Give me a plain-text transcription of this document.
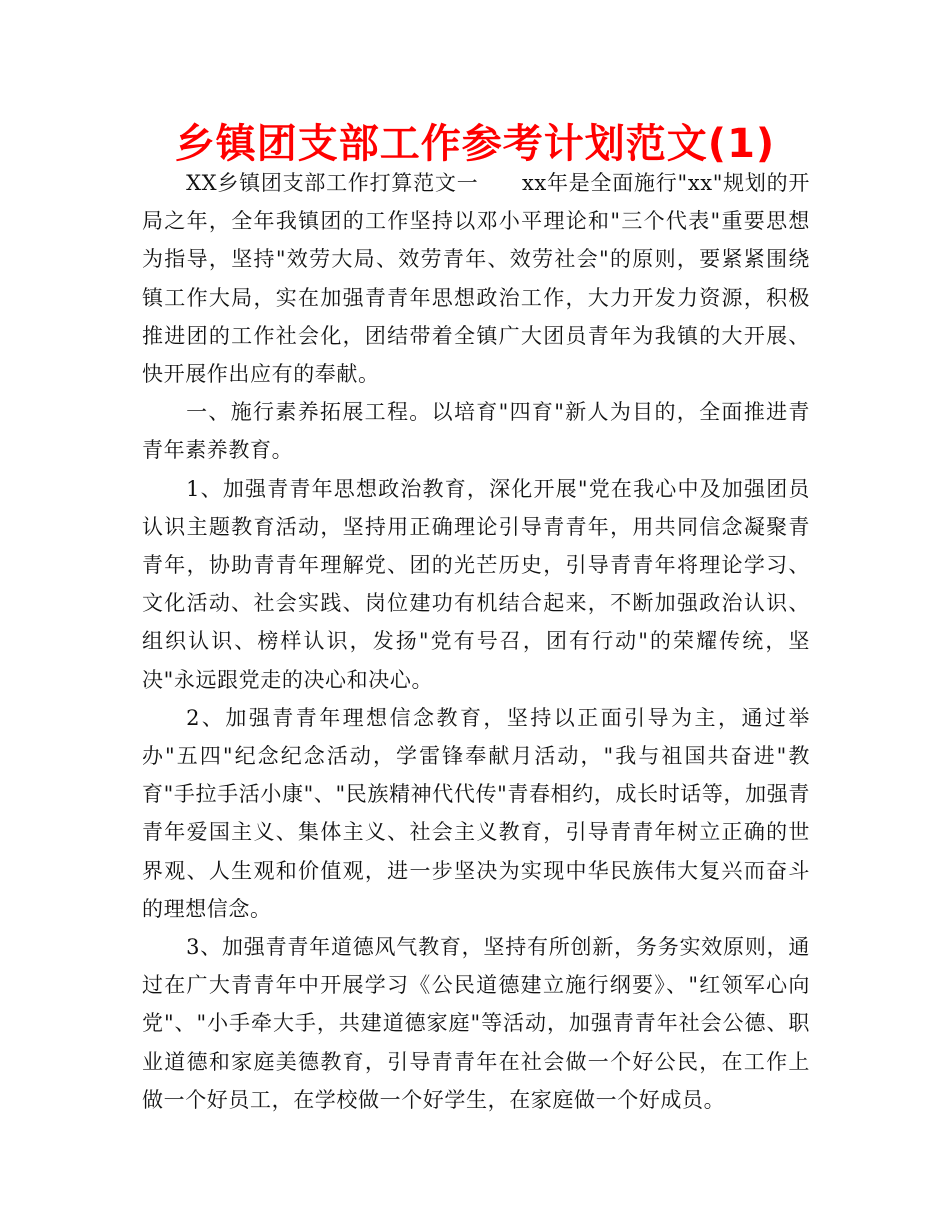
乡镇团支部工作参考计划范文(1)

XX乡镇团支部工作打算范文一　　xx年是全面施行"xx"规划的开局之年，全年我镇团的工作坚持以邓小平理论和"三个代表"重要思想为指导，坚持"效劳大局、效劳青年、效劳社会"的原则，要紧紧围绕镇工作大局，实在加强青青年思想政治工作，大力开发力资源，积极推进团的工作社会化，团结带着全镇广大团员青年为我镇的大开展、快开展作出应有的奉献。

一、施行素养拓展工程。以培育"四育"新人为目的，全面推进青青年素养教育。

1、加强青青年思想政治教育，深化开展"党在我心中及加强团员认识主题教育活动，坚持用正确理论引导青青年，用共同信念凝聚青青年，协助青青年理解党、团的光芒历史，引导青青年将理论学习、文化活动、社会实践、岗位建功有机结合起来，不断加强政治认识、组织认识、榜样认识，发扬"党有号召，团有行动"的荣耀传统，坚决"永远跟党走的决心和决心。

2、加强青青年理想信念教育，坚持以正面引导为主，通过举办"五四"纪念纪念活动，学雷锋奉献月活动，"我与祖国共奋进"教育"手拉手活小康"、"民族精神代代传"青春相约，成长时话等，加强青青年爱国主义、集体主义、社会主义教育，引导青青年树立正确的世界观、人生观和价值观，进一步坚决为实现中华民族伟大复兴而奋斗的理想信念。

3、加强青青年道德风气教育，坚持有所创新，务务实效原则，通过在广大青青年中开展学习《公民道德建立施行纲要》、"红领军心向党"、"小手牵大手，共建道德家庭"等活动，加强青青年社会公德、职业道德和家庭美德教育，引导青青年在社会做一个好公民，在工作上做一个好员工，在学校做一个好学生，在家庭做一个好成员。
